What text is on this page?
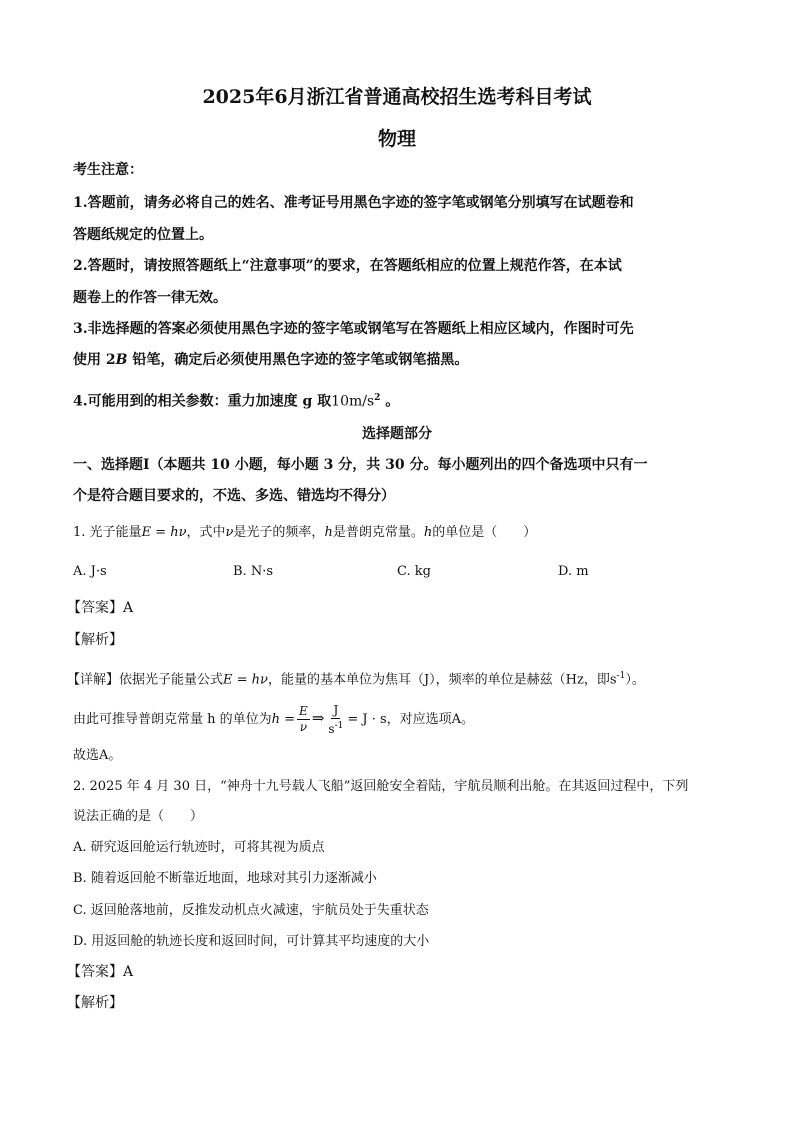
2025年6月浙江省普通高校招生选考科目考试
物理
考生注意：
1.答题前，请务必将自己的姓名、准考证号用黑色字迹的签字笔或钢笔分别填写在试题卷和
答题纸规定的位置上。
2.答题时，请按照答题纸上“注意事项”的要求，在答题纸相应的位置上规范作答，在本试
题卷上的作答一律无效。
3.非选择题的答案必须使用黑色字迹的签字笔或钢笔写在答题纸上相应区域内，作图时可先
使用 2B 铅笔，确定后必须使用黑色字迹的签字笔或钢笔描黑。
4.可能用到的相关参数：重力加速度 g 取$10m/s^2$ 。
选择题部分
一、选择题Ⅰ（本题共 10 小题，每小题 3 分，共 30 分。每小题列出的四个备选项中只有一
个是符合题目要求的，不选、多选、错选均不得分）
1. 光子能量E = hν，式中ν是光子的频率，h是普朗克常量。h的单位是（　　）
A. J·s	B. N·s	C. kg	D. m
【答案】A
【解析】
【详解】依据光子能量公式E = hν，能量的基本单位为焦耳（J），频率的单位是赫兹（Hz，即$s^{-1}$）。
由此可推导普朗克常量 h 的单位为$h = \frac{E}{\nu}$ ⇒ $\frac{J}{s^{-1}} = J \cdot s$，对应选项A。
故选A。
2. 2025 年 4 月 30 日，“神舟十九号载人飞船”返回舱安全着陆，宇航员顺利出舱。在其返回过程中，下列
说法正确的是（　　）
A. 研究返回舱运行轨迹时，可将其视为质点
B. 随着返回舱不断靠近地面，地球对其引力逐渐减小
C. 返回舱落地前，反推发动机点火减速，宇航员处于失重状态
D. 用返回舱的轨迹长度和返回时间，可计算其平均速度的大小
【答案】A
【解析】
